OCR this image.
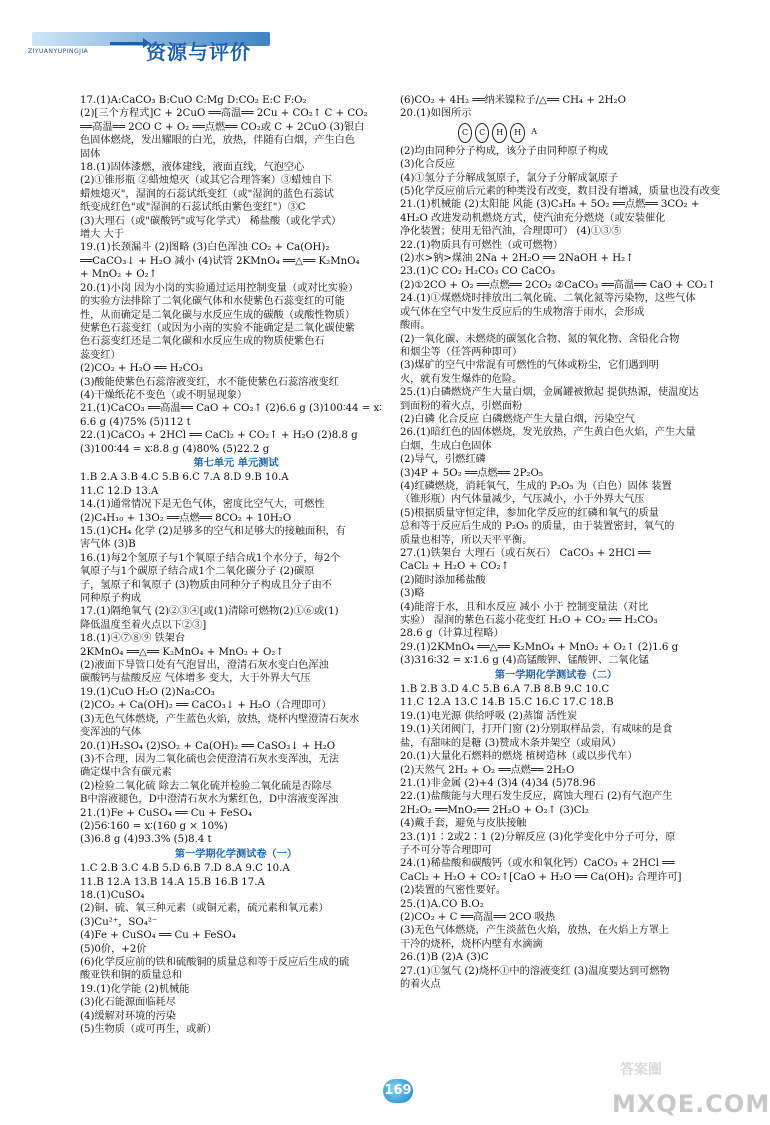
ZIYUANYUPINGJIA	资源与评价
17.(1)A:CaCO₃ B:CuO C:Mg D:CO₂ E:C F:O₂
(2)[三个方程式]C + 2CuO ══高温══ 2Cu + CO₂↑ C + CO₂
══高温══ 2CO C + O₂ ══点燃══ CO₂或 C + 2CuO (3)银白
色固体燃烧，发出耀眼的白光，放热，伴随有白烟，产生白色
固体
18.(1)固体漆燃，液体建线，液面直线，气泡空心
(2)①锥形瓶 ②蜡烛熄灭（或其它合理答案）③蜡烛自下
蜡烛熄灭"，湿润的石蕊试纸变红（或"湿润的蓝色石蕊试
纸变成红色"或"湿润的石蕊试纸由紫色变红"）③C
(3)大理石（或"碳酸钙"或写化学式） 稀盐酸（或化学式）
增大 大于
19.(1)长颈漏斗 (2)图略 (3)白色浑浊 CO₂ + Ca(OH)₂
══CaCO₃↓ + H₂O 减小 (4)试管 2KMnO₄ ══△══ K₂MnO₄
+ MnO₂ + O₂↑
20.(1)小岗 因为小岗的实验通过运用控制变量（或对比实验）
的实验方法排除了二氧化碳气体和水使紫色石蕊变红的可能
性，从而确定是二氧化碳与水反应生成的碳酸（或酸性物质）
使紫色石蕊变红（或因为小南的实验不能确定是二氧化碳使紫
色石蕊变红还是二氧化碳和水反应生成的物质使紫色石
蕊变红）
(2)CO₂ + H₂O ══ H₂CO₃
(3)酸能使紫色石蕊溶液变红，水不能使紫色石蕊溶液变红
(4)干燥纸花不变色（或不明显现象）
21.(1)CaCO₃ ══高温══ CaO + CO₂↑ (2)6.6 g (3)100∶44 = x∶
6.6 g (4)75% (5)112 t
22.(1)CaCO₃ + 2HCl ══ CaCl₂ + CO₂↑ + H₂O (2)8.8 g
(3)100∶44 = x∶8.8 g (4)80% (5)22.2 g
第七单元 单元测试
1.B 2.A 3.B 4.C 5.B 6.C 7.A 8.D 9.B 10.A
11.C 12.D 13.A
14.(1)通常情况下是无色气体，密度比空气大，可燃性
(2)C₄H₁₀ + 13O₂ ══点燃══ 8CO₂ + 10H₂O
15.(1)CH₄ 化学 (2)足够多的空气和足够大的接触面积，有
害气体 (3)B
16.(1)每2个氢原子与1个氧原子结合成1个水分子，每2个
氧原子与1个碳原子结合成1个二氧化碳分子 (2)碳原
子，氢原子和氧原子 (3)物质由同种分子构成且分子由不
同种原子构成
17.(1)隔绝氧气 (2)②③④[或(1)清除可燃物(2)①⑥或(1)
降低温度至着火点以下②③]
18.(1)④⑦⑧⑨ 铁架台
2KMnO₄ ══△══ K₂MnO₄ + MnO₂ + O₂↑
(2)液面下导管口处有气泡冒出，澄清石灰水变白色浑浊
碳酸钙与盐酸反应 气体增多 变大，大于外界大气压
19.(1)CuO H₂O (2)Na₂CO₃
(2)CO₂ + Ca(OH)₂ ══ CaCO₃↓ + H₂O（合理即可）
(3)无色气体燃烧，产生蓝色火焰，放热，烧杯内壁澄清石灰水
变浑浊的气体
20.(1)H₂SO₄ (2)SO₂ + Ca(OH)₂ ══ CaSO₃↓ + H₂O
(3)不合理，因为二氧化硫也会使澄清石灰水变浑浊，无法
确定煤中含有碳元素
(2)检验二氧化硫 除去二氧化硫并检验二氧化硫是否除尽
B中溶液褪色，D中澄清石灰水为紫红色，D中溶液变浑浊
21.(1)Fe + CuSO₄ ══ Cu + FeSO₄
(2)56∶160 = x∶(160 g × 10%)
(3)6.8 g (4)93.3% (5)8.4 t
第一学期化学测试卷（一）
1.C 2.B 3.C 4.B 5.D 6.B 7.D 8.A 9.C 10.A
11.B 12.A 13.B 14.A 15.B 16.B 17.A
18.(1)CuSO₄
(2)铜、硫、氧三种元素（或铜元素，硫元素和氧元素）
(3)Cu²⁺，SO₄²⁻
(4)Fe + CuSO₄ ══ Cu + FeSO₄
(5)0价，+2价
(6)化学反应前的铁和硫酸铜的质量总和等于反应后生成的硫
酸亚铁和铜的质量总和
19.(1)化学能 (2)机械能
(3)化石能源面临耗尽
(4)缓解对环境的污染
(5)生物质（或可再生，或新）
(6)CO₂ + 4H₂ ══纳米镍粒子/△══ CH₄ + 2H₂O
20.(1)如图所示
C	C	H	H	A
(2)均由同种分子构成，该分子由同种原子构成
(3)化合反应
(4)①氢分子分解成氢原子，氯分子分解成氯原子
(5)化学反应前后元素的种类没有改变，数目没有增减，质量也没有改变
21.(1)机械能 (2)太阳能 风能 (3)C₃H₈ + 5O₂ ══点燃══ 3CO₂ +
4H₂O 改进发动机燃烧方式，使汽油充分燃烧（或安装催化
净化装置；使用无铅汽油，合理即可） (4)①③⑤
22.(1)物质具有可燃性（或可燃物）
(2)水>钠>煤油 2Na + 2H₂O ══ 2NaOH + H₂↑
23.(1)C CO₂ H₂CO₃ CO CaCO₃
(2)①2CO + O₂ ══点燃══ 2CO₂ ②CaCO₃ ══高温══ CaO + CO₂↑
24.(1)①煤燃烧时排放出二氧化硫、二氧化氮等污染物，这些气体
或气体在空气中发生反应后的生成物溶于雨水，会形成
酸雨。
(2)一氧化碳、未燃烧的碳氢化合物、氮的氧化物、含铅化合物
和烟尘等（任答两种即可）
(3)煤矿的空气中常混有可燃性的气体或粉尘，它们遇到明
火，就有发生爆炸的危险。
25.(1)白磷燃烧产生大量白烟，金属罐被掀起 提供热源，使温度达
到面粉的着火点，引燃面粉
(2)白磷 化合反应 白磷燃烧产生大量白烟，污染空气
26.(1)暗红色的固体燃烧，发光放热，产生黄白色火焰，产生大量
白烟，生成白色固体
(2)导气，引燃红磷
(3)4P + 5O₂ ══点燃══ 2P₂O₅
(4)红磷燃烧，消耗氧气，生成的 P₂O₅ 为（白色）固体 装置
（锥形瓶）内气体量减少，气压减小，小于外界大气压
(5)根据质量守恒定律，参加化学反应的红磷和氧气的质量
总和等于反应后生成的 P₂O₅ 的质量，由于装置密封，氧气的
质量也相等，所以天平平衡。
27.(1)铁架台 大理石（或石灰石） CaCO₃ + 2HCl ══
CaCl₂ + H₂O + CO₂↑
(2)随时添加稀盐酸
(3)略
(4)能溶于水，且和水反应 减小 小于 控制变量法（对比
实验） 湿润的紫色石蕊小花变红 H₂O + CO₂ ══ H₂CO₃
28.6 g（计算过程略）
29.(1)2KMnO₄ ══△══ K₂MnO₄ + MnO₂ + O₂↑ (2)1.6 g
(3)316∶32 = x∶1.6 g (4)高锰酸钾、锰酸钾、二氧化锰
第一学期化学测试卷（二）
1.B 2.B 3.D 4.C 5.B 6.A 7.B 8.B 9.C 10.C
11.C 12.A 13.C 14.B 15.C 16.C 17.C 18.B
19.(1)电光源 供给呼吸 (2)蒸馏 活性炭
19.(1)关闭阀门，打开门窗 (2)分别取样品尝，有咸味的是食
盐，有甜味的是糖 (3)赞成木条并架空（或扇风）
20.(1)大量化石燃料的燃烧 植树造林（或以步代车）
(2)天然气 2H₂ + O₂ ══点燃══ 2H₂O
21.(1)非金属 (2)+4 (3)4 (4)34 (5)78.96
22.(1)盐酸能与大理石发生反应，腐蚀大理石 (2)有气泡产生
2H₂O₂ ══MnO₂══ 2H₂O + O₂↑ (3)Cl₂
(4)戴手套，避免与皮肤接触
23.(1)1∶2或2∶1 (2)分解反应 (3)化学变化中分子可分，原
子不可分等合理即可
24.(1)稀盐酸和碳酸钙（或水和氧化钙）CaCO₃ + 2HCl ══
CaCl₂ + H₂O + CO₂↑[CaO + H₂O ══ Ca(OH)₂ 合理许可]
(2)装置的气密性要好。
25.(1)A.CO B.O₂
(2)CO₂ + C ══高温══ 2CO 吸热
(3)无色气体燃烧，产生淡蓝色火焰，放热，在火焰上方罩上
干冷的烧杯，烧杯内壁有水滴滴
26.(1)B (2)A (3)C
27.(1)①氢气 (2)烧杯①中的溶液变红 (3)温度要达到可燃物
的着火点
169
答案圈
MXQE.COM
